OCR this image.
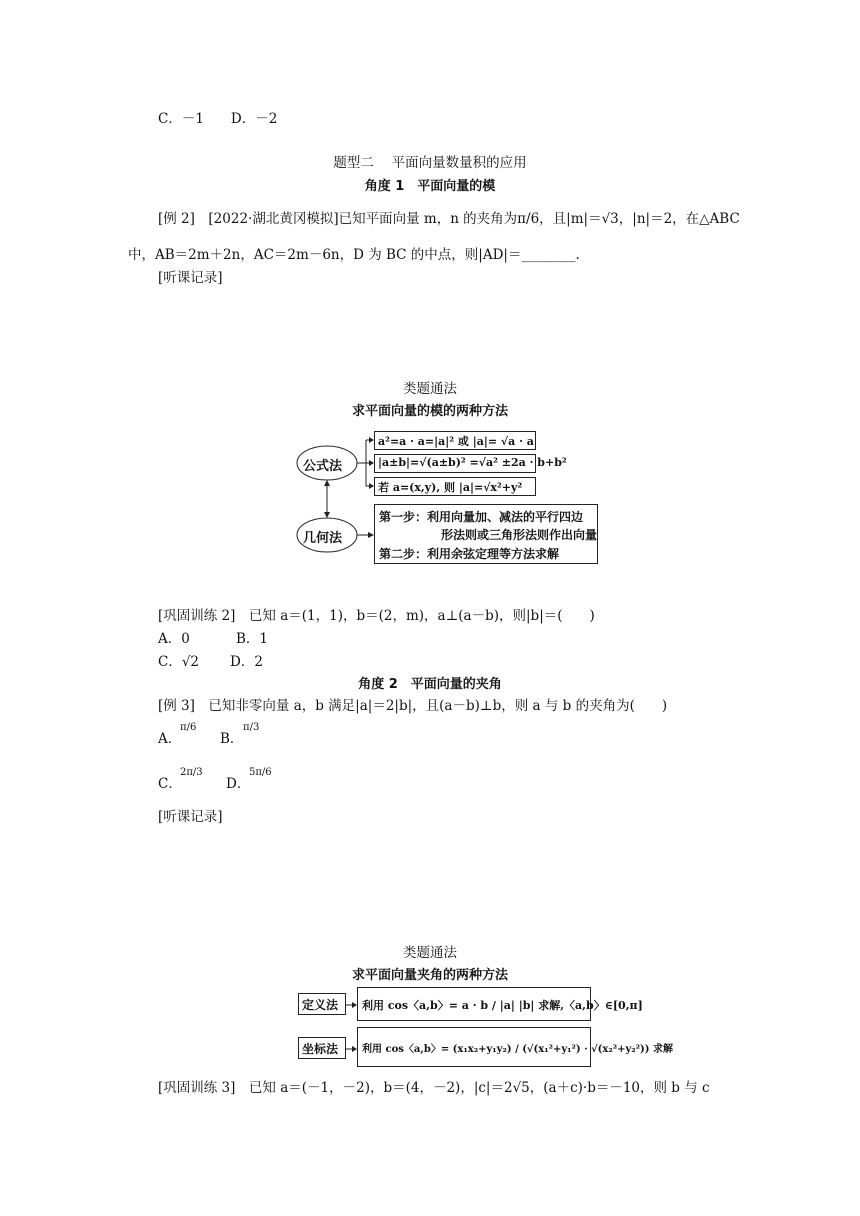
C．－1　　D．－2
题型二　 平面向量数量积的应用
角度 1　平面向量的模
[例 2]　[2022·湖北黄冈模拟]已知平面向量 m，n 的夹角为π/6，且|m|＝√3，|n|＝2，在△ABC
中，AB＝2m＋2n，AC＝2m－6n，D 为 BC 的中点，则|AD|＝________.
[听课记录]
类题通法
求平面向量的模的两种方法
公式法
几何法
a²=a · a=|a|² 或 |a|= √a · a
|a±b|=√(a±b)² =√a² ±2a · b+b²
若 a=(x,y), 则 |a|=√x²+y²
第一步：利用向量加、减法的平行四边
形法则或三角形法则作出向量
第二步：利用余弦定理等方法求解
[巩固训练 2]　已知 a＝(1，1)，b＝(2，m)，a⊥(a－b)，则|b|＝(　　)
A．0	B．1
C．√2 D．2
角度 2　平面向量的夹角
[例 3]　已知非零向量 a，b 满足|a|＝2|b|，且(a－b)⊥b，则 a 与 b 的夹角为(　　)
A．
π/6
B．
π/3
C．
2π/3
D．
5π/6
[听课记录]
类题通法
求平面向量夹角的两种方法
定义法 利用 cos〈a,b〉= a · b / |a| |b| 求解,〈a,b〉∈[0,π]
坐标法 利用 cos〈a,b〉= (x₁x₂+y₁y₂) / (√(x₁²+y₁²) · √(x₂²+y₂²)) 求解
[巩固训练 3]　已知 a＝(－1，－2)，b＝(4，－2)，|c|＝2√5，(a＋c)·b＝－10，则 b 与 c
